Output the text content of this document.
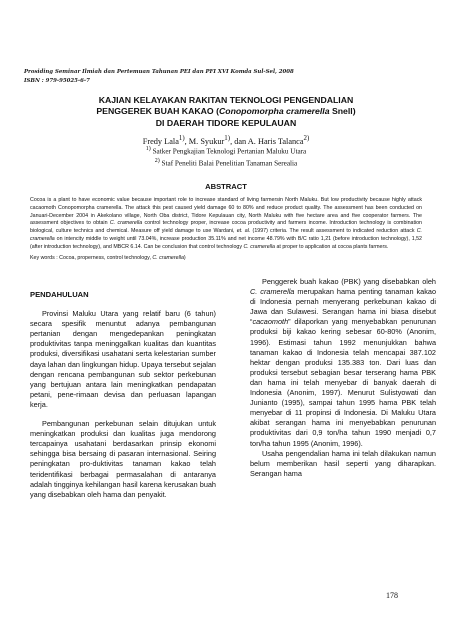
Prosiding Seminar Ilmiah dan Pertemuan Tahunan PEI dan PFI XVI Komda Sul-Sel, 2008
ISBN : 979-95025-6-7
KAJIAN KELAYAKAN RAKITAN TEKNOLOGI PENGENDALIAN
PENGGEREK BUAH KAKAO (Conopomorpha cramerella Snell)
DI DAERAH TIDORE KEPULAUAN
Fredy Lala$^{1)}$, M. Syukur$^{1)}$, dan A. Haris Talanca$^{2)}$
$^{1)}$ Satker Pengkajian Teknologi Pertanian Maluku Utara
$^{2)}$ Staf Peneliti Balai Penelitian Tanaman Serealia
ABSTRACT

Cocoa is a plant to have economic value because important role to increase standard of living farmersin North Maluku. But low productivity because highly attack cacaomoth Conopomorpha cramerella. The attack this pest caused yield damage 60 to 80% and reduce product quality. The assessment has been conducted on Januari-December 2004 in Akekolano village, North Oba district, Tidore Kepulauan city, North Maluku with five hectare area and five cooperator farmers. The assessment objectives to obtain C. cramerella control technology proper, increase cocoa productivity and farmers income. Introduction technology is combination biological, culture technics and chemical. Measure off yield damage to use Wardani, et. al. (1997) criteria. The result assessment to indicated reduction attack C. cramerella on intencity middle to weight until 73.04%, increase production 35.11% and net income 48.79% with B/C ratio 1,21 (before introduction technology), 1,52 (after introduction technology), and MBCR 6.14. Can be conclusion that control technology C. cramerella at proper to application at cocoa plants farmers.

Key words : Cocoa, properness, control technology, C. cramerella)
PENDAHULUAN

Provinsi Maluku Utara yang relatif baru (6 tahun) secara spesifik menuntut adanya pembangunan pertanian dengan mengedepankan peningkatan produktivitas tanpa meninggalkan kualitas dan kuantitas produksi, diversifikasi usahatani serta kelestarian sumber daya lahan dan lingkungan hidup. Upaya tersebut sejalan dengan rencana pembangunan sub sektor perkebunan yang bertujuan antara lain meningkatkan pendapatan petani, pene-rimaan devisa dan perluasan lapangan kerja.

Pembangunan perkebunan selain ditujukan untuk meningkatkan produksi dan kualitas juga mendorong tercapainya usahatani berdasarkan prinsip ekonomi sehingga bisa bersaing di pasaran internasional. Seiring peningkatan pro-duktivitas tanaman kakao telah teridentifikasi berbagai permasalahan di antaranya adalah tingginya kehilangan hasil karena kerusakan buah yang disebabkan oleh hama dan penyakit.

Penggerek buah kakao (PBK) yang disebabkan oleh C. cramerella merupakan hama penting tanaman kakao di Indonesia pernah menyerang perkebunan kakao di Jawa dan Sulawesi. Serangan hama ini biasa disebut “cacaomoth” dilaporkan yang menyebabkan penurunan produksi biji kakao kering sebesar 60-80% (Anonim, 1996). Estimasi tahun 1992 menunjukkan bahwa tanaman kakao di Indonesia telah mencapai 387.102 hektar dengan produksi 135.383 ton. Dari luas dan produksi tersebut sebagian besar terserang hama PBK dan hama ini telah menyebar di banyak daerah di Indonesia (Anonim, 1997). Menurut Sulistyowati dan Junianto (1995), sampai tahun 1995 hama PBK telah menyebar di 11 propinsi di Indonesia. Di Maluku Utara akibat serangan hama ini menyebabkan penurunan produktivitas dari 0,9 ton/ha tahun 1990 menjadi 0,7 ton/ha tahun 1995 (Anonim, 1996).

Usaha pengendalian hama ini telah dilakukan namun belum memberikan hasil seperti yang diharapkan. Serangan hama

178
